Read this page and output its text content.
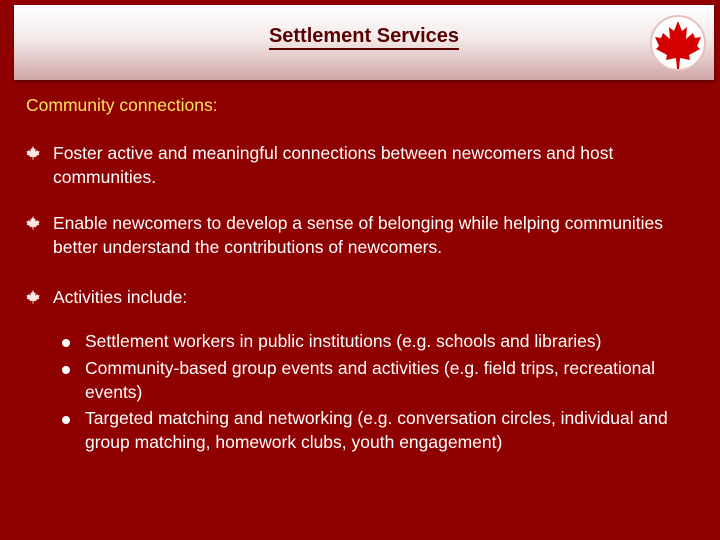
Settlement Services
Community connections:
Foster active and meaningful connections between newcomers and host communities.
Enable newcomers to develop a sense of belonging while helping communities better understand the contributions of newcomers.
Activities include:
Settlement workers in public institutions (e.g. schools and libraries)
Community-based group events and activities (e.g. field trips, recreational events)
Targeted matching and networking (e.g. conversation circles, individual and group matching, homework clubs, youth engagement)
